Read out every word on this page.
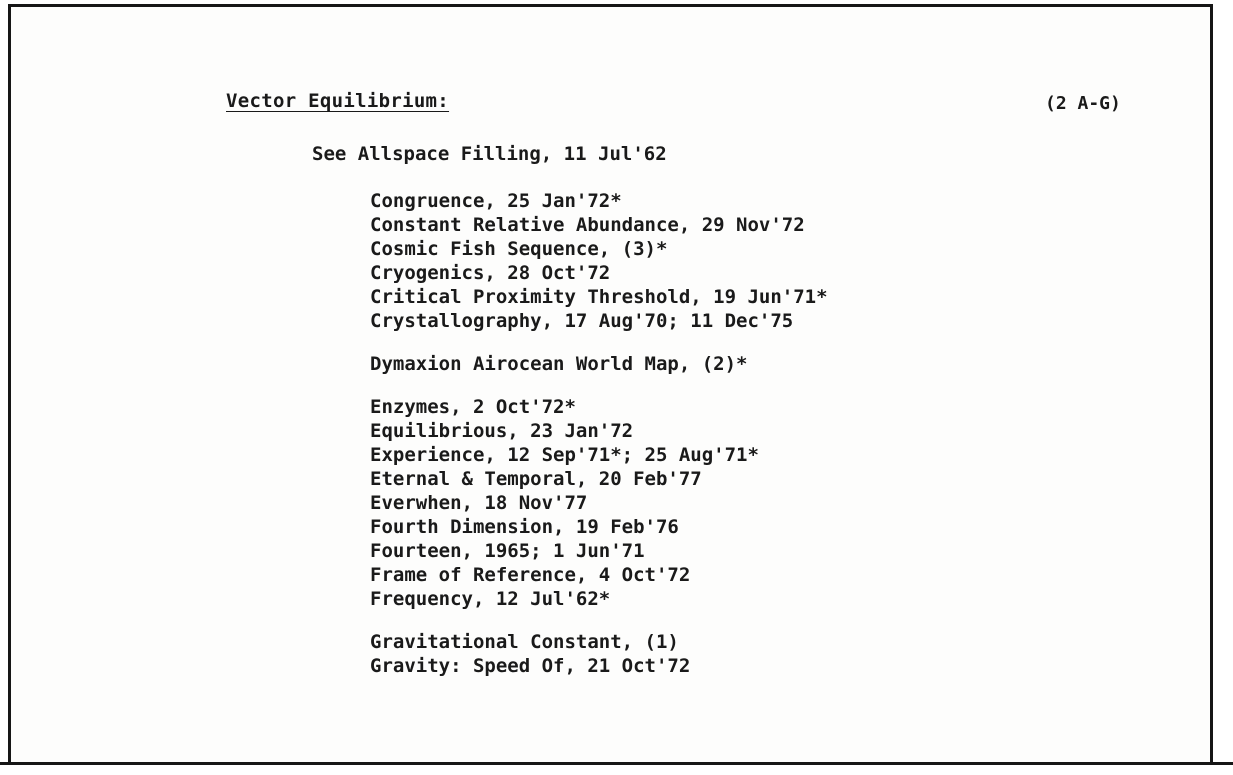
Vector Equilibrium:	(2 A-G)
See Allspace Filling, 11 Jul'62
Congruence, 25 Jan'72*
Constant Relative Abundance, 29 Nov'72
Cosmic Fish Sequence, (3)*
Cryogenics, 28 Oct'72
Critical Proximity Threshold, 19 Jun'71*
Crystallography, 17 Aug'70; 11 Dec'75
Dymaxion Airocean World Map, (2)*
Enzymes, 2 Oct'72*
Equilibrious, 23 Jan'72
Experience, 12 Sep'71*; 25 Aug'71*
Eternal & Temporal, 20 Feb'77
Everwhen, 18 Nov'77
Fourth Dimension, 19 Feb'76
Fourteen, 1965; 1 Jun'71
Frame of Reference, 4 Oct'72
Frequency, 12 Jul'62*
Gravitational Constant, (1)
Gravity: Speed Of, 21 Oct'72
